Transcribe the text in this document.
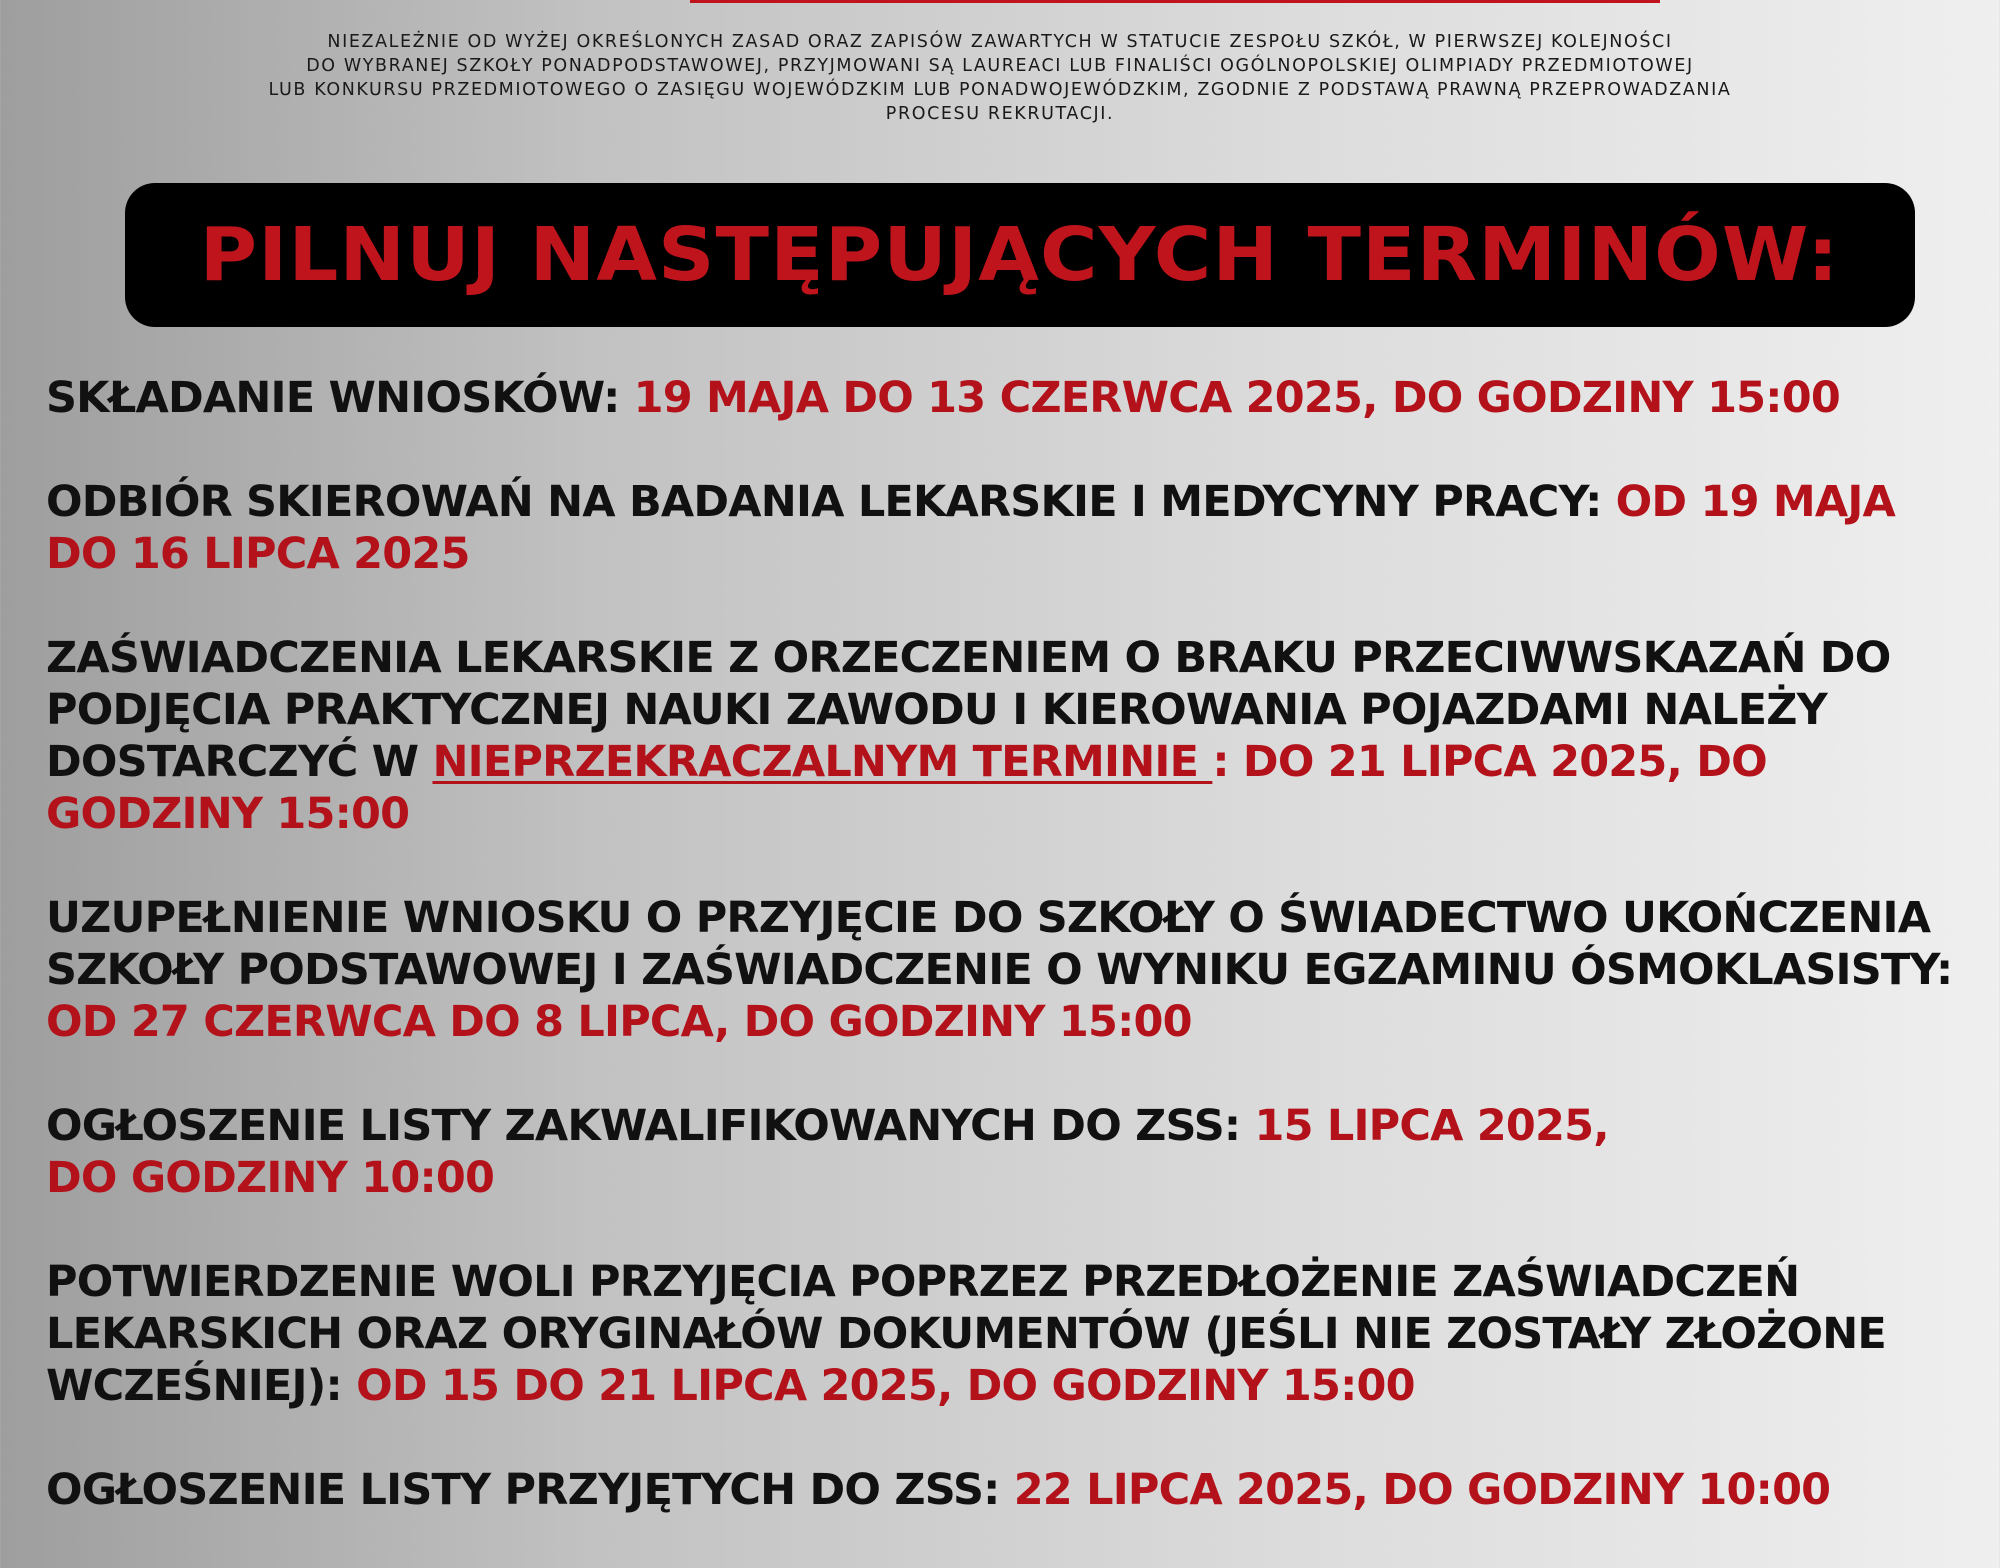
NIEZALEŻNIE OD WYŻEJ OKREŚLONYCH ZASAD ORAZ ZAPISÓW ZAWARTYCH W STATUCIE ZESPOŁU SZKÓŁ, W PIERWSZEJ KOLEJNOŚCI
DO WYBRANEJ SZKOŁY PONADPODSTAWOWEJ, PRZYJMOWANI SĄ LAUREACI LUB FINALIŚCI OGÓLNOPOLSKIEJ OLIMPIADY PRZEDMIOTOWEJ
LUB KONKURSU PRZEDMIOTOWEGO O ZASIĘGU WOJEWÓDZKIM LUB PONADWOJEWÓDZKIM, ZGODNIE Z PODSTAWĄ PRAWNĄ PRZEPROWADZANIA
PROCESU REKRUTACJI.
PILNUJ NASTĘPUJĄCYCH TERMINÓW:
SKŁADANIE WNIOSKÓW: 19 MAJA DO 13 CZERWCA 2025, DO GODZINY 15:00
ODBIÓR SKIEROWAŃ NA BADANIA LEKARSKIE I MEDYCYNY PRACY: OD 19 MAJA DO 16 LIPCA 2025
ZAŚWIADCZENIA LEKARSKIE Z ORZECZENIEM O BRAKU PRZECIWWSKAZAŃ DO PODJĘCIA PRAKTYCZNEJ NAUKI ZAWODU I KIEROWANIA POJAZDAMI NALEŻY DOSTARCZYĆ W NIEPRZEKRACZALNYM TERMINIE : DO 21 LIPCA 2025, DO GODZINY 15:00
UZUPEŁNIENIE WNIOSKU O PRZYJĘCIE DO SZKOŁY O ŚWIADECTWO UKOŃCZENIA SZKOŁY PODSTAWOWEJ I ZAŚWIADCZENIE O WYNIKU EGZAMINU ÓSMOKLASISTY: OD 27 CZERWCA DO 8 LIPCA, DO GODZINY 15:00
OGŁOSZENIE LISTY ZAKWALIFIKOWANYCH DO ZSS: 15 LIPCA 2025,
DO GODZINY 10:00
POTWIERDZENIE WOLI PRZYJĘCIA POPRZEZ PRZEDŁOŻENIE ZAŚWIADCZEŃ LEKARSKICH ORAZ ORYGINAŁÓW DOKUMENTÓW (JEŚLI NIE ZOSTAŁY ZŁOŻONE WCZEŚNIEJ): OD 15 DO 21 LIPCA 2025, DO GODZINY 15:00
OGŁOSZENIE LISTY PRZYJĘTYCH DO ZSS: 22 LIPCA 2025, DO GODZINY 10:00
